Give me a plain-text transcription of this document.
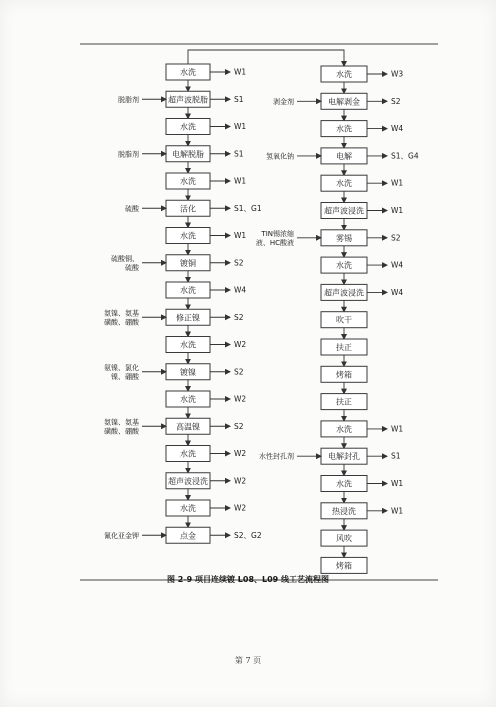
水洗	W1
超声波脱脂	S1
脱脂剂
水洗	W1
电解脱脂	S1
脱脂剂
水洗	W1
活化	S1、G1
硫酸
水洗	W1
镀铜	S2
硫酸铜、
硫酸
水洗	W4
修正镍	S2
氨镍、氨基
磺酸、硼酸
水洗	W2
镀镍	S2
氨镍、氯化
镍、硼酸
水洗	W2
高温镍	S2
氨镍、氨基
磺酸、硼酸
水洗	W2
超声波浸洗	W2
水洗	W2
点金	S2、G2
氰化亚金钾
水洗	W3
电解剥金	S2
剥金剂
水洗	W4
电解	S1、G4
氢氧化钠
水洗	W1
超声波浸洗	W1
雾锡	S2
TIN锡浓缩
液、HC酸液
水洗	W4
超声波浸洗	W4
吹干
扶正
烤箱
扶正
水洗	W1
电解封孔	S1
水性封孔剂
水洗	W1
热浸洗	W1
风吹
烤箱
图 2-9 项目连续镀 L08、L09 线工艺流程图
第 7 页
